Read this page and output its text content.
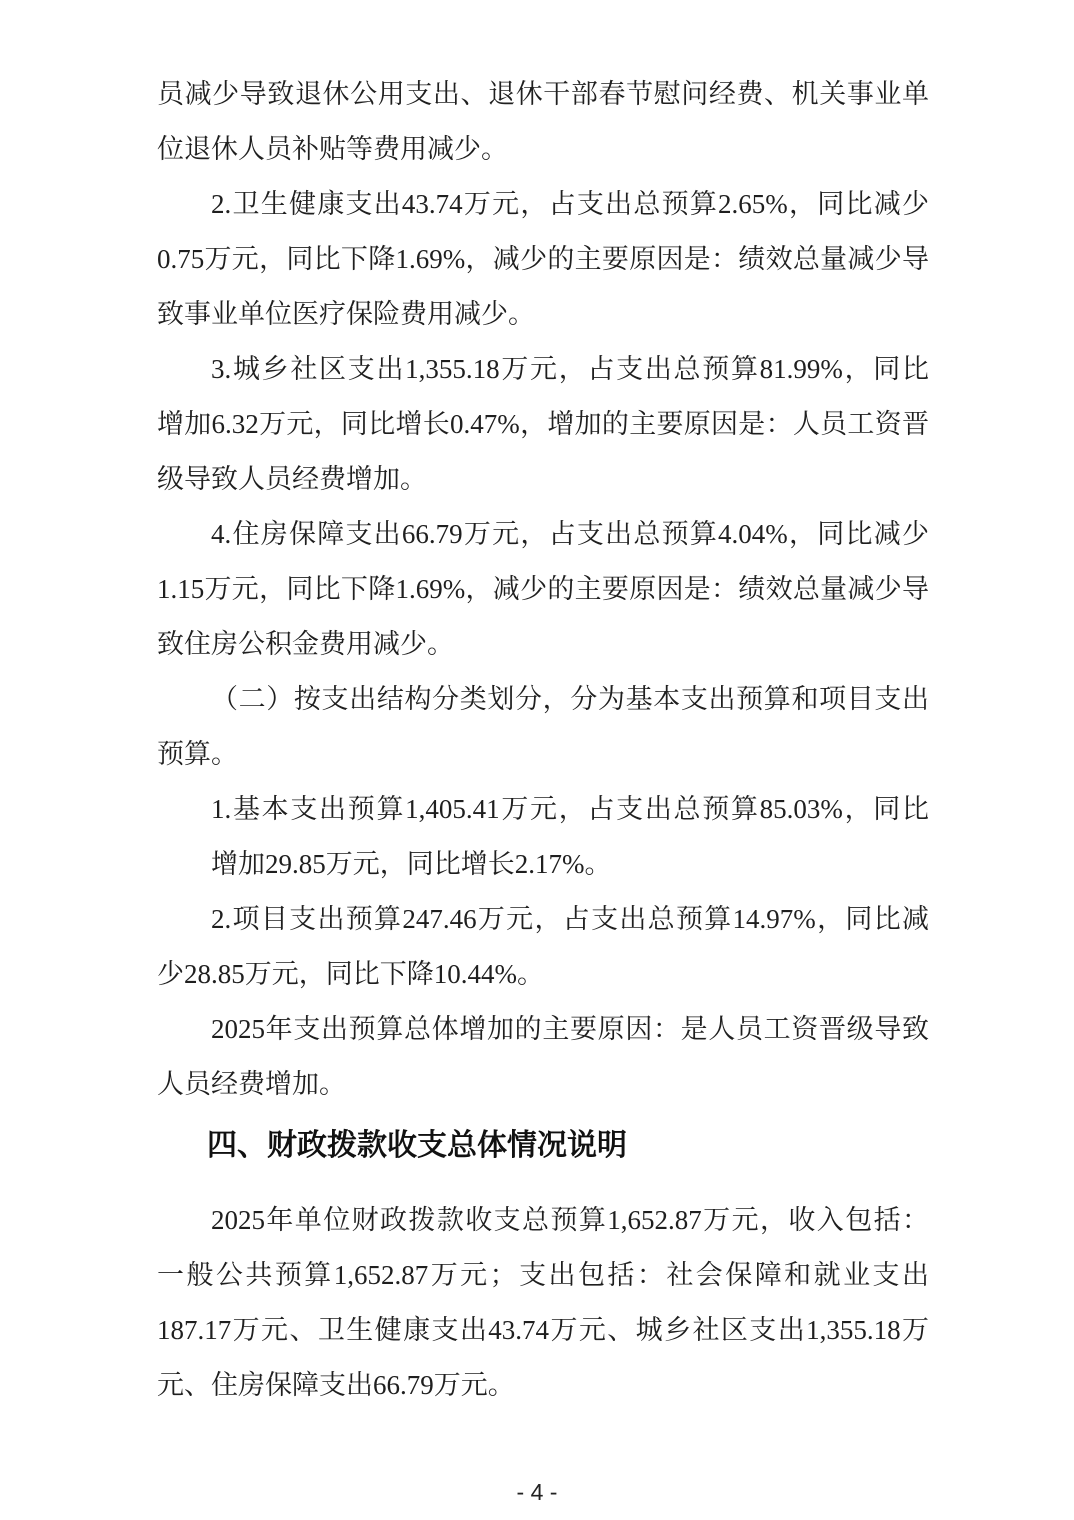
员减少导致退休公用支出、退休干部春节慰问经费、机关事业单
位退休人员补贴等费用减少。
2.卫生健康支出43.74万元，占支出总预算2.65%，同比减少
0.75万元，同比下降1.69%，减少的主要原因是：绩效总量减少导
致事业单位医疗保险费用减少。
3.城乡社区支出1,355.18万元，占支出总预算81.99%，同比
增加6.32万元，同比增长0.47%，增加的主要原因是：人员工资晋
级导致人员经费增加。
4.住房保障支出66.79万元，占支出总预算4.04%，同比减少
1.15万元，同比下降1.69%，减少的主要原因是：绩效总量减少导
致住房公积金费用减少。
（二）按支出结构分类划分，分为基本支出预算和项目支出
预算。
1.基本支出预算1,405.41万元，占支出总预算85.03%，同比
增加29.85万元，同比增长2.17%。
2.项目支出预算247.46万元，占支出总预算14.97%，同比减
少28.85万元，同比下降10.44%。
2025年支出预算总体增加的主要原因：是人员工资晋级导致
人员经费增加。
四、财政拨款收支总体情况说明
2025年单位财政拨款收支总预算1,652.87万元，收入包括：
一般公共预算1,652.87万元；支出包括：社会保障和就业支出
187.17万元、卫生健康支出43.74万元、城乡社区支出1,355.18万
元、住房保障支出66.79万元。
- 4 -
